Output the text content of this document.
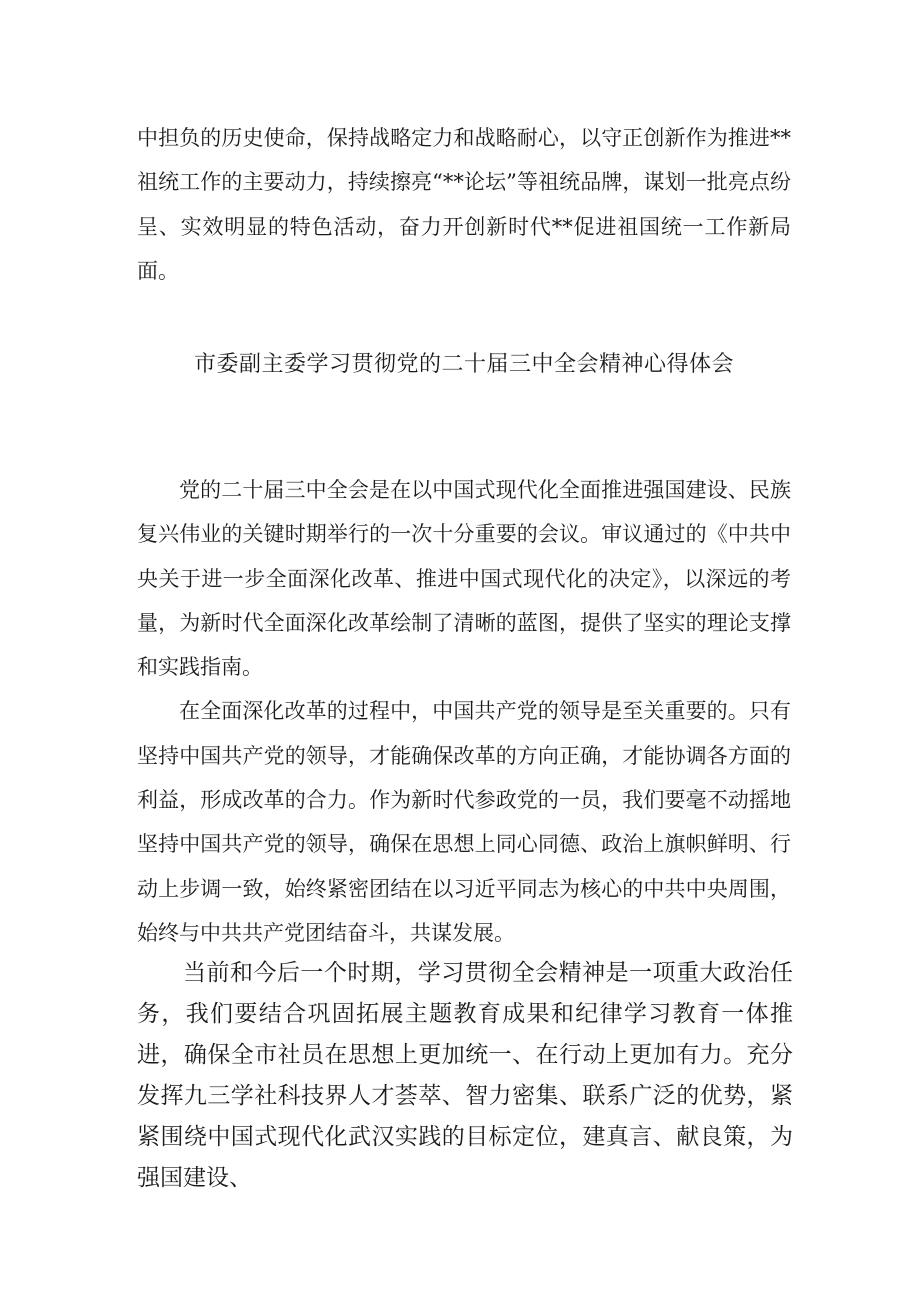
中担负的历史使命，保持战略定力和战略耐心，以守正创新作为推进**祖统工作的主要动力，持续擦亮“**论坛”等祖统品牌，谋划一批亮点纷呈、实效明显的特色活动，奋力开创新时代**促进祖国统一工作新局面。

市委副主委学习贯彻党的二十届三中全会精神心得体会

党的二十届三中全会是在以中国式现代化全面推进强国建设、民族复兴伟业的关键时期举行的一次十分重要的会议。审议通过的《中共中央关于进一步全面深化改革、推进中国式现代化的决定》，以深远的考量，为新时代全面深化改革绘制了清晰的蓝图，提供了坚实的理论支撑和实践指南。

在全面深化改革的过程中，中国共产党的领导是至关重要的。只有坚持中国共产党的领导，才能确保改革的方向正确，才能协调各方面的利益，形成改革的合力。作为新时代参政党的一员，我们要毫不动摇地坚持中国共产党的领导，确保在思想上同心同德、政治上旗帜鲜明、行动上步调一致，始终紧密团结在以习近平同志为核心的中共中央周围，始终与中共共产党团结奋斗，共谋发展。

当前和今后一个时期，学习贯彻全会精神是一项重大政治任务，我们要结合巩固拓展主题教育成果和纪律学习教育一体推进，确保全市社员在思想上更加统一、在行动上更加有力。充分发挥九三学社科技界人才荟萃、智力密集、联系广泛的优势，紧紧围绕中国式现代化武汉实践的目标定位，建真言、献良策，为强国建设、
